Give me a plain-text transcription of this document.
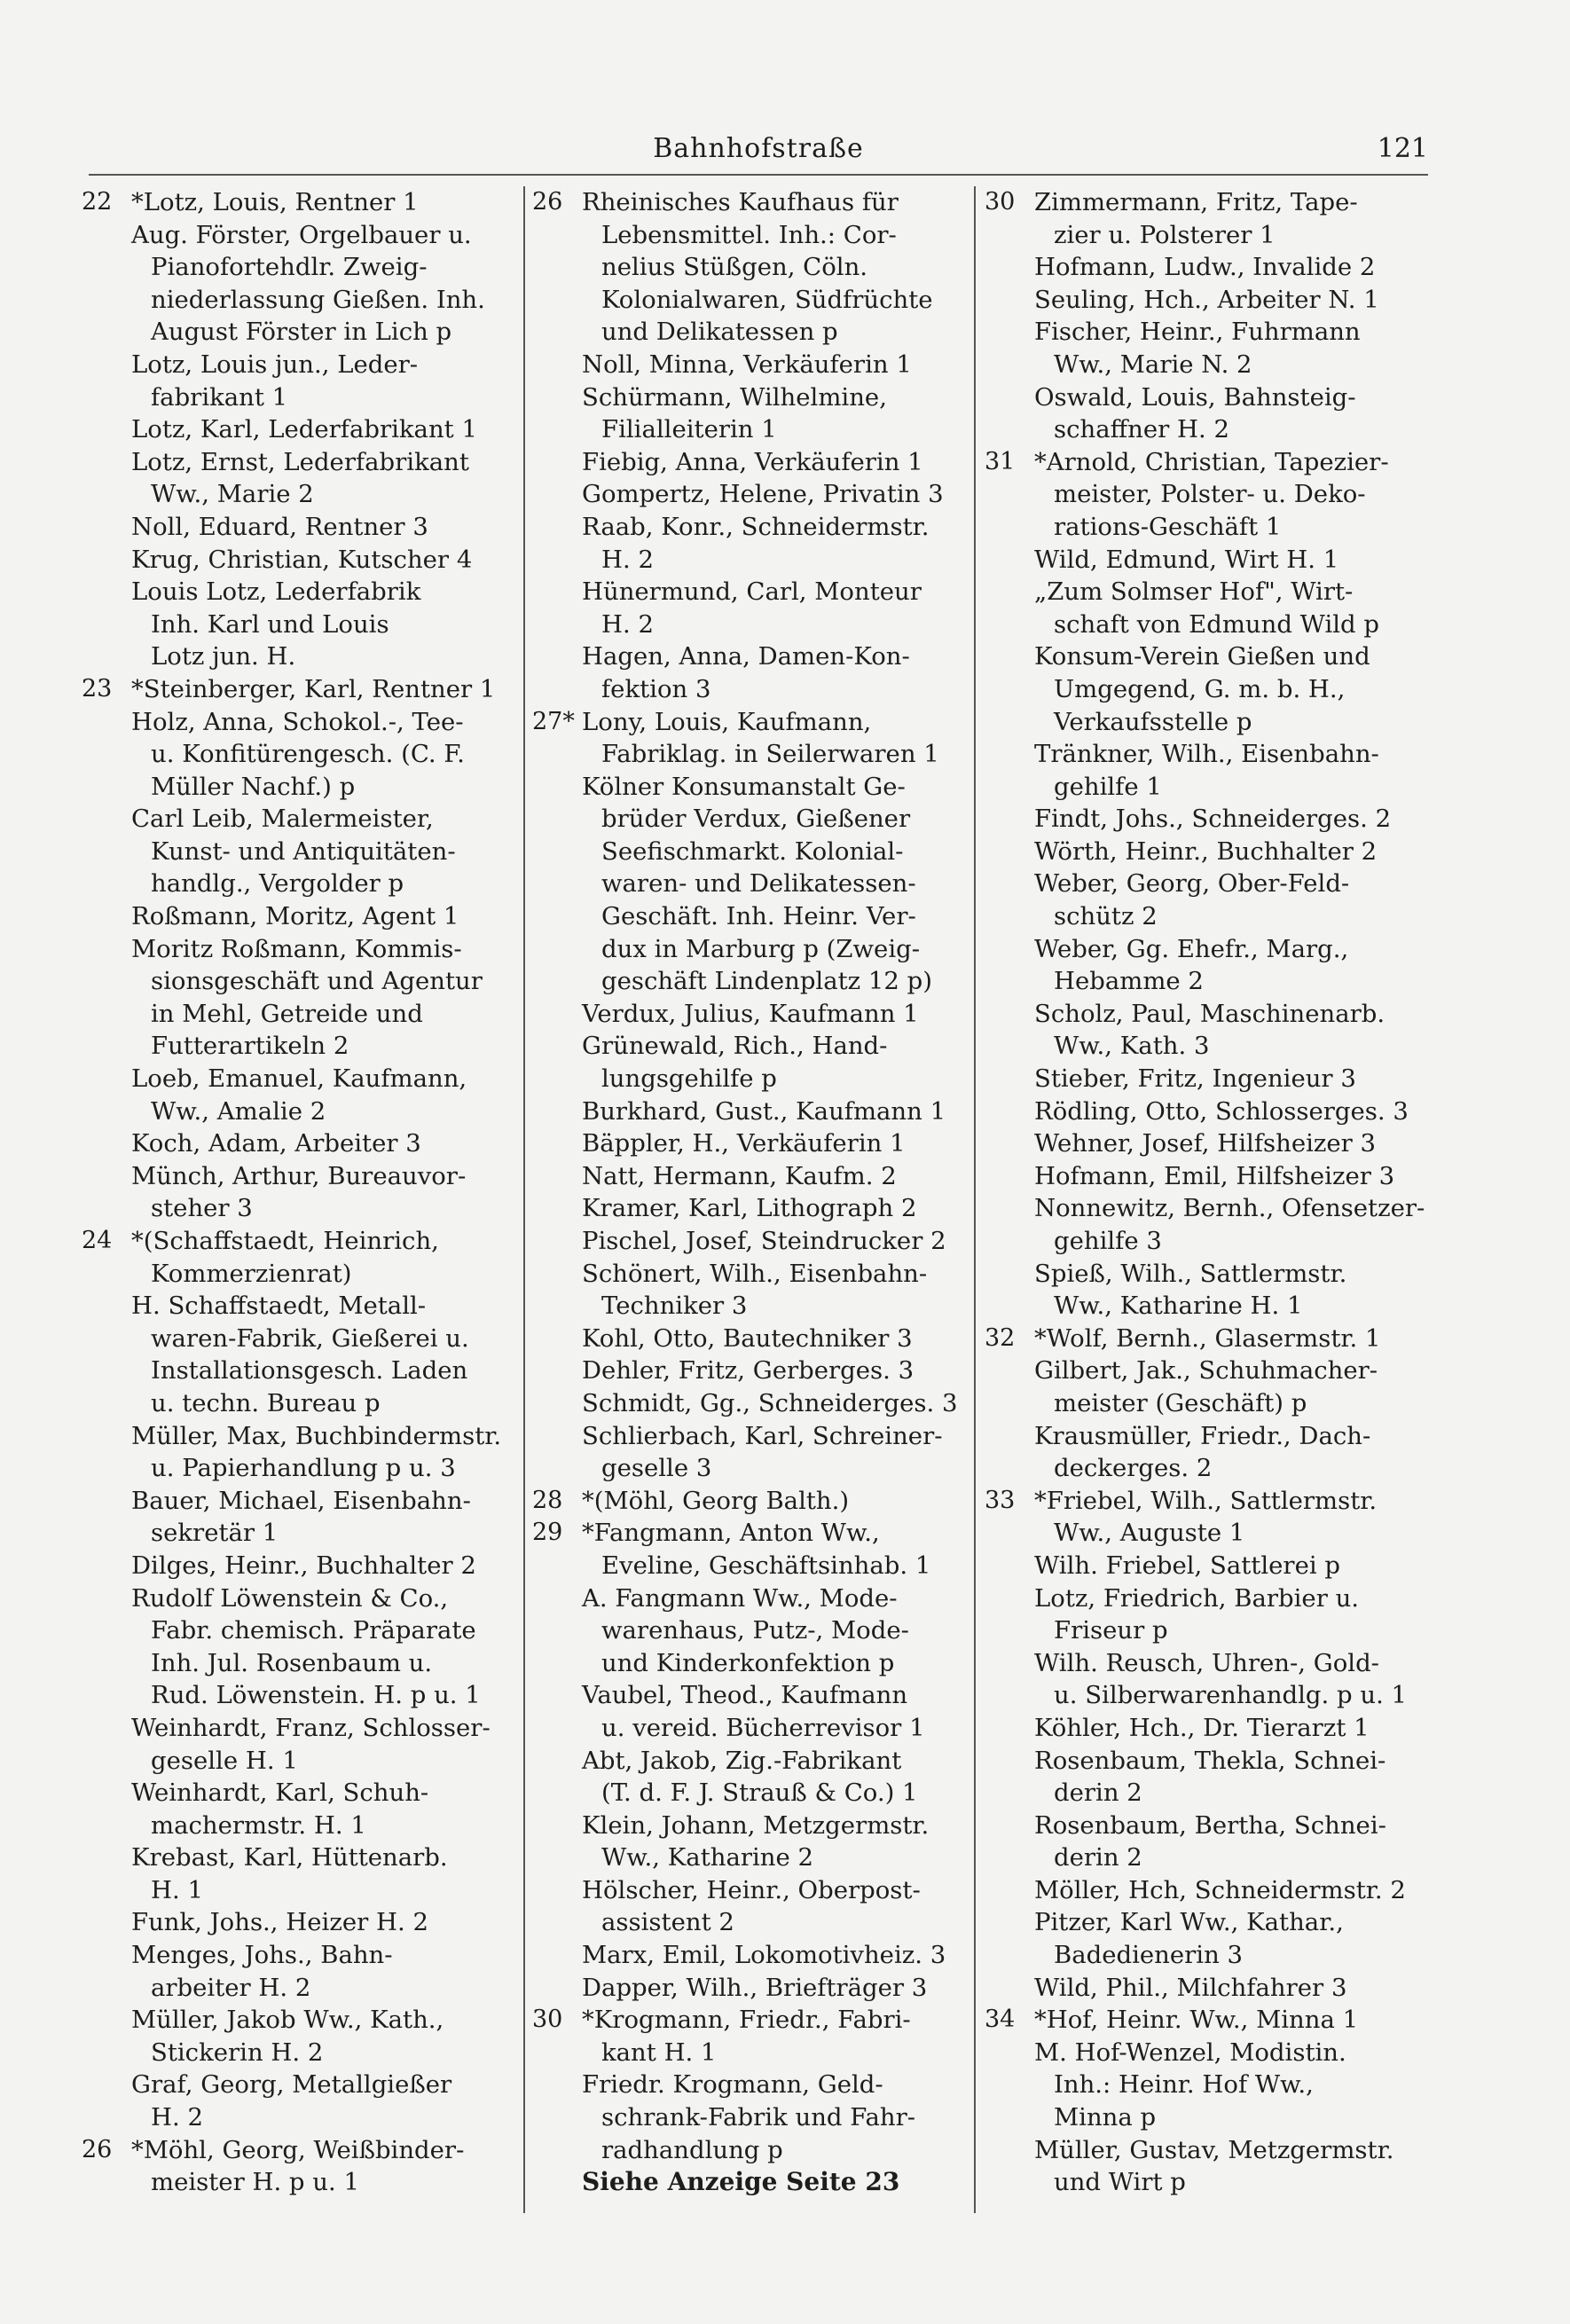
Bahnhofstraße	121
22 *Lotz, Louis, Rentner 1
Aug. Förster, Orgelbauer u.
Pianofortehdlr. Zweig-
niederlassung Gießen. Inh.
August Förster in Lich p
Lotz, Louis jun., Leder-
fabrikant 1
Lotz, Karl, Lederfabrikant 1
Lotz, Ernst, Lederfabrikant
Ww., Marie 2
Noll, Eduard, Rentner 3
Krug, Christian, Kutscher 4
Louis Lotz, Lederfabrik
Inh. Karl und Louis
Lotz jun. H.
23 *Steinberger, Karl, Rentner 1
Holz, Anna, Schokol.-, Tee-
u. Konfitürengesch. (C. F.
Müller Nachf.) p
Carl Leib, Malermeister,
Kunst- und Antiquitäten-
handlg., Vergolder p
Roßmann, Moritz, Agent 1
Moritz Roßmann, Kommis-
sionsgeschäft und Agentur
in Mehl, Getreide und
Futterartikeln 2
Loeb, Emanuel, Kaufmann,
Ww., Amalie 2
Koch, Adam, Arbeiter 3
Münch, Arthur, Bureauvor-
steher 3
24 *(Schaffstaedt, Heinrich,
Kommerzienrat)
H. Schaffstaedt, Metall-
waren-Fabrik, Gießerei u.
Installationsgesch. Laden
u. techn. Bureau p
Müller, Max, Buchbindermstr.
u. Papierhandlung p u. 3
Bauer, Michael, Eisenbahn-
sekretär 1
Dilges, Heinr., Buchhalter 2
Rudolf Löwenstein & Co.,
Fabr. chemisch. Präparate
Inh. Jul. Rosenbaum u.
Rud. Löwenstein. H. p u. 1
Weinhardt, Franz, Schlosser-
geselle H. 1
Weinhardt, Karl, Schuh-
machermstr. H. 1
Krebast, Karl, Hüttenarb.
H. 1
Funk, Johs., Heizer H. 2
Menges, Johs., Bahn-
arbeiter H. 2
Müller, Jakob Ww., Kath.,
Stickerin H. 2
Graf, Georg, Metallgießer
H. 2
26 *Möhl, Georg, Weißbinder-
meister H. p u. 1
26 Rheinisches Kaufhaus für
Lebensmittel. Inh.: Cor-
nelius Stüßgen, Cöln.
Kolonialwaren, Südfrüchte
und Delikatessen p
Noll, Minna, Verkäuferin 1
Schürmann, Wilhelmine,
Filialleiterin 1
Fiebig, Anna, Verkäuferin 1
Gompertz, Helene, Privatin 3
Raab, Konr., Schneidermstr.
H. 2
Hünermund, Carl, Monteur
H. 2
Hagen, Anna, Damen-Kon-
fektion 3
27* Lony, Louis, Kaufmann,
Fabriklag. in Seilerwaren 1
Kölner Konsumanstalt Ge-
brüder Verdux, Gießener
Seefischmarkt. Kolonial-
waren- und Delikatessen-
Geschäft. Inh. Heinr. Ver-
dux in Marburg p (Zweig-
geschäft Lindenplatz 12 p)
Verdux, Julius, Kaufmann 1
Grünewald, Rich., Hand-
lungsgehilfe p
Burkhard, Gust., Kaufmann 1
Bäppler, H., Verkäuferin 1
Natt, Hermann, Kaufm. 2
Kramer, Karl, Lithograph 2
Pischel, Josef, Steindrucker 2
Schönert, Wilh., Eisenbahn-
Techniker 3
Kohl, Otto, Bautechniker 3
Dehler, Fritz, Gerberges. 3
Schmidt, Gg., Schneiderges. 3
Schlierbach, Karl, Schreiner-
geselle 3
28 *(Möhl, Georg Balth.)
29 *Fangmann, Anton Ww.,
Eveline, Geschäftsinhab. 1
A. Fangmann Ww., Mode-
warenhaus, Putz-, Mode-
und Kinderkonfektion p
Vaubel, Theod., Kaufmann
u. vereid. Bücherrevisor 1
Abt, Jakob, Zig.-Fabrikant
(T. d. F. J. Strauß & Co.) 1
Klein, Johann, Metzgermstr.
Ww., Katharine 2
Hölscher, Heinr., Oberpost-
assistent 2
Marx, Emil, Lokomotivheiz. 3
Dapper, Wilh., Briefträger 3
30 *Krogmann, Friedr., Fabri-
kant H. 1
Friedr. Krogmann, Geld-
schrank-Fabrik und Fahr-
radhandlung p
Siehe Anzeige Seite 23
30 Zimmermann, Fritz, Tape-
zier u. Polsterer 1
Hofmann, Ludw., Invalide 2
Seuling, Hch., Arbeiter N. 1
Fischer, Heinr., Fuhrmann
Ww., Marie N. 2
Oswald, Louis, Bahnsteig-
schaffner H. 2
31 *Arnold, Christian, Tapezier-
meister, Polster- u. Deko-
rations-Geschäft 1
Wild, Edmund, Wirt H. 1
„Zum Solmser Hof", Wirt-
schaft von Edmund Wild p
Konsum-Verein Gießen und
Umgegend, G. m. b. H.,
Verkaufsstelle p
Tränkner, Wilh., Eisenbahn-
gehilfe 1
Findt, Johs., Schneiderges. 2
Wörth, Heinr., Buchhalter 2
Weber, Georg, Ober-Feld-
schütz 2
Weber, Gg. Ehefr., Marg.,
Hebamme 2
Scholz, Paul, Maschinenarb.
Ww., Kath. 3
Stieber, Fritz, Ingenieur 3
Rödling, Otto, Schlosserges. 3
Wehner, Josef, Hilfsheizer 3
Hofmann, Emil, Hilfsheizer 3
Nonnewitz, Bernh., Ofensetzer-
gehilfe 3
Spieß, Wilh., Sattlermstr.
Ww., Katharine H. 1
32 *Wolf, Bernh., Glasermstr. 1
Gilbert, Jak., Schuhmacher-
meister (Geschäft) p
Krausmüller, Friedr., Dach-
deckerges. 2
33 *Friebel, Wilh., Sattlermstr.
Ww., Auguste 1
Wilh. Friebel, Sattlerei p
Lotz, Friedrich, Barbier u.
Friseur p
Wilh. Reusch, Uhren-, Gold-
u. Silberwarenhandlg. p u. 1
Köhler, Hch., Dr. Tierarzt 1
Rosenbaum, Thekla, Schnei-
derin 2
Rosenbaum, Bertha, Schnei-
derin 2
Möller, Hch, Schneidermstr. 2
Pitzer, Karl Ww., Kathar.,
Badedienerin 3
Wild, Phil., Milchfahrer 3
34 *Hof, Heinr. Ww., Minna 1
M. Hof-Wenzel, Modistin.
Inh.: Heinr. Hof Ww.,
Minna p
Müller, Gustav, Metzgermstr.
und Wirt p
